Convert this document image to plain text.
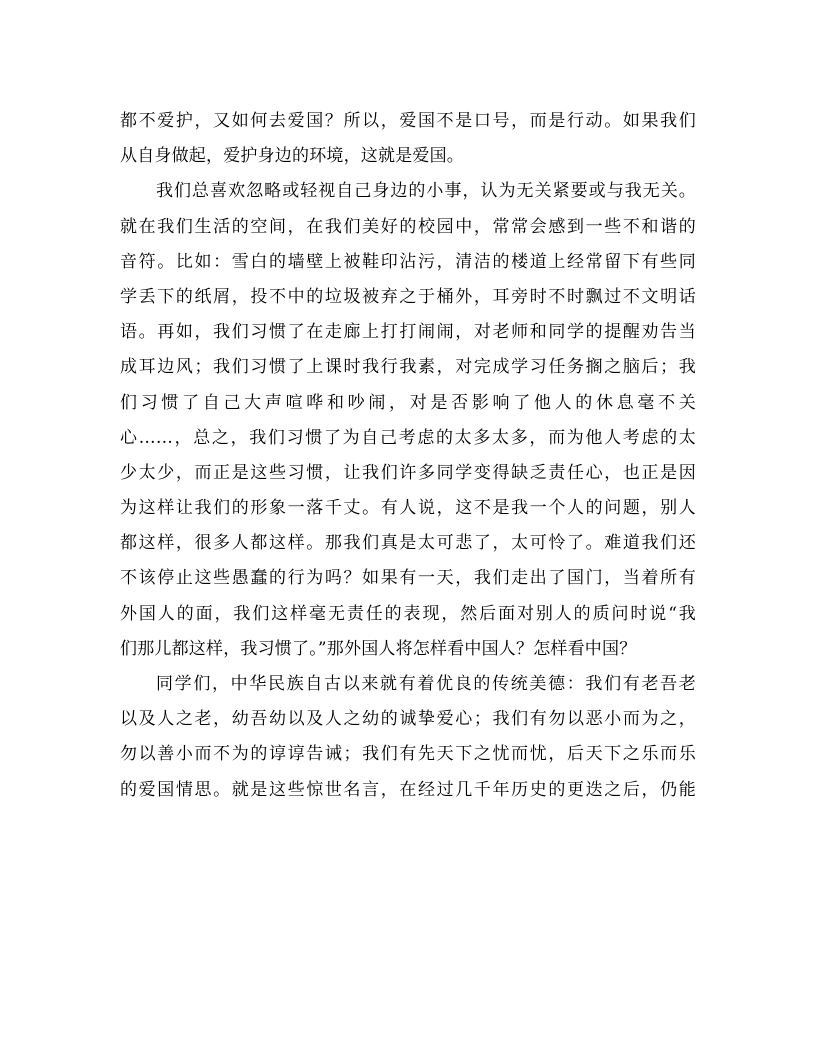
都不爱护，又如何去爱国？所以，爱国不是口号，而是行动。如果我们
从自身做起，爱护身边的环境，这就是爱国。
我们总喜欢忽略或轻视自己身边的小事，认为无关紧要或与我无关。
就在我们生活的空间，在我们美好的校园中，常常会感到一些不和谐的
音符。比如：雪白的墙壁上被鞋印沾污，清洁的楼道上经常留下有些同
学丢下的纸屑，投不中的垃圾被弃之于桶外，耳旁时不时飘过不文明话
语。再如，我们习惯了在走廊上打打闹闹，对老师和同学的提醒劝告当
成耳边风；我们习惯了上课时我行我素，对完成学习任务搁之脑后；我
们习惯了自己大声喧哗和吵闹，对是否影响了他人的休息毫不关
心……，总之，我们习惯了为自己考虑的太多太多，而为他人考虑的太
少太少，而正是这些习惯，让我们许多同学变得缺乏责任心，也正是因
为这样让我们的形象一落千丈。有人说，这不是我一个人的问题，别人
都这样，很多人都这样。那我们真是太可悲了，太可怜了。难道我们还
不该停止这些愚蠢的行为吗？如果有一天，我们走出了国门，当着所有
外国人的面，我们这样毫无责任的表现，然后面对别人的质问时说“我
们那儿都这样，我习惯了。”那外国人将怎样看中国人？怎样看中国？
同学们，中华民族自古以来就有着优良的传统美德：我们有老吾老
以及人之老，幼吾幼以及人之幼的诚挚爱心；我们有勿以恶小而为之，
勿以善小而不为的谆谆告诫；我们有先天下之忧而忧，后天下之乐而乐
的爱国情思。就是这些惊世名言，在经过几千年历史的更迭之后，仍能
